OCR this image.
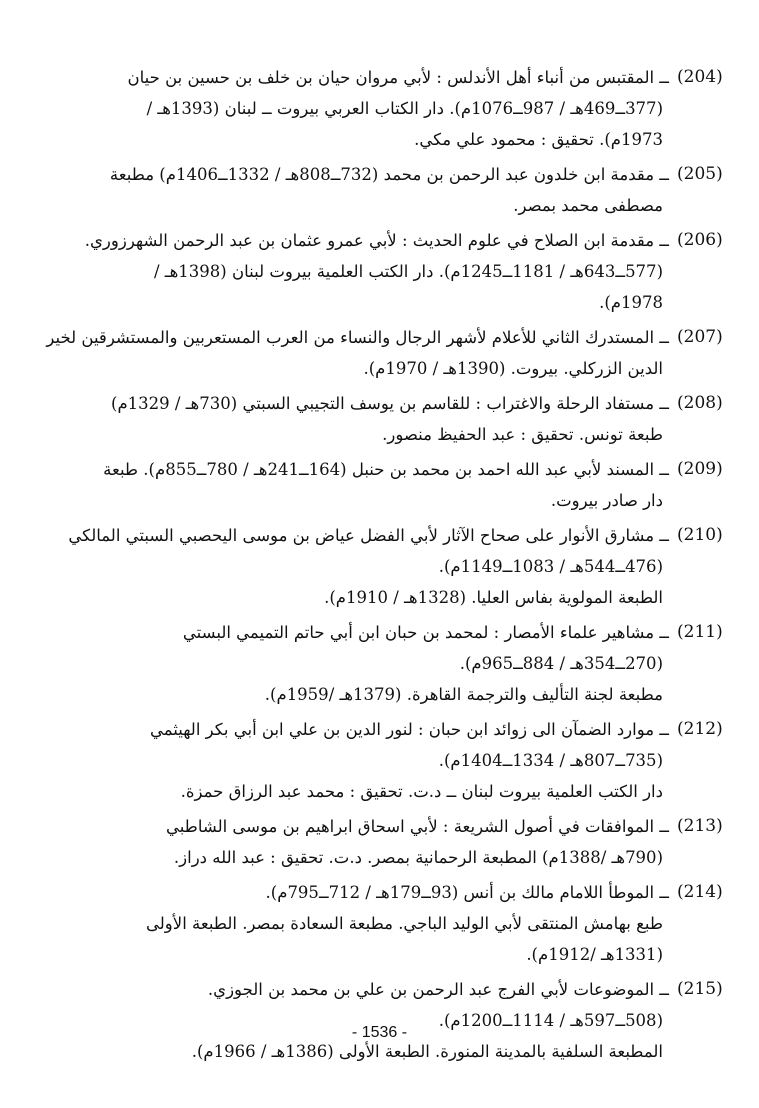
(204)
ــ المقتبس من أنباء أهل الأندلس : لأبي مروان حيان بن خلف بن حسين بن حيان
(377ــ469هـ / 987ــ1076م). دار الكتاب العربي بيروت ــ لبنان (1393هـ /
1973م). تحقيق : محمود علي مكي.
(205)
ــ مقدمة ابن خلدون عبد الرحمن بن محمد (732ــ808هـ / 1332ــ1406م) مطبعة
مصطفى محمد بمصر.
(206)
ــ مقدمة ابن الصلاح في علوم الحديث : لأبي عمرو عثمان بن عبد الرحمن الشهرزوري.
(577ــ643هـ / 1181ــ1245م). دار الكتب العلمية بيروت لبنان (1398هـ /
1978م).
(207)
ــ المستدرك الثاني للأعلام لأشهر الرجال والنساء من العرب المستعربين والمستشرقين لخير
الدين الزركلي. بيروت. (1390هـ / 1970م).
(208)
ــ مستفاد الرحلة والاغتراب : للقاسم بن يوسف التجيبي السبتي (730هـ / 1329م)
طبعة تونس. تحقيق : عبد الحفيظ منصور.
(209)
ــ المسند لأبي عبد الله احمد بن محمد بن حنبل (164ــ241هـ / 780ــ855م). طبعة
دار صادر بيروت.
(210)
ــ مشارق الأنوار على صحاح الآثار لأبي الفضل عياض بن موسى اليحصبي السبتي المالكي
(476ــ544هـ / 1083ــ1149م).
الطبعة المولوية بفاس العليا. (1328هـ / 1910م).
(211)
ــ مشاهير علماء الأمصار : لمحمد بن حبان ابن أبي حاتم التميمي البستي
(270ــ354هـ / 884ــ965م).
مطبعة لجنة التأليف والترجمة القاهرة. (1379هـ /1959م).
(212)
ــ موارد الضمآن الى زوائد ابن حبان : لنور الدين بن علي ابن أبي بكر الهيثمي
(735ــ807هـ / 1334ــ1404م).
دار الكتب العلمية بيروت لبنان ــ د.ت. تحقيق : محمد عبد الرزاق حمزة.
(213)
ــ الموافقات في أصول الشريعة : لأبي اسحاق ابراهيم بن موسى الشاطبي
(790هـ /1388م) المطبعة الرحمانية بمصر. د.ت. تحقيق : عبد الله دراز.
(214)
ــ الموطأ اللامام مالك بن أنس (93ــ179هـ / 712ــ795م).
طبع بهامش المنتقى لأبي الوليد الباجي. مطبعة السعادة بمصر. الطبعة الأولى
(1331هـ /1912م).
(215)
ــ الموضوعات لأبي الفرج عبد الرحمن بن علي بن محمد بن الجوزي.
(508ــ597هـ / 1114ــ1200م).
المطبعة السلفية بالمدينة المنورة. الطبعة الأولى (1386هـ / 1966م).
- 1536 -
